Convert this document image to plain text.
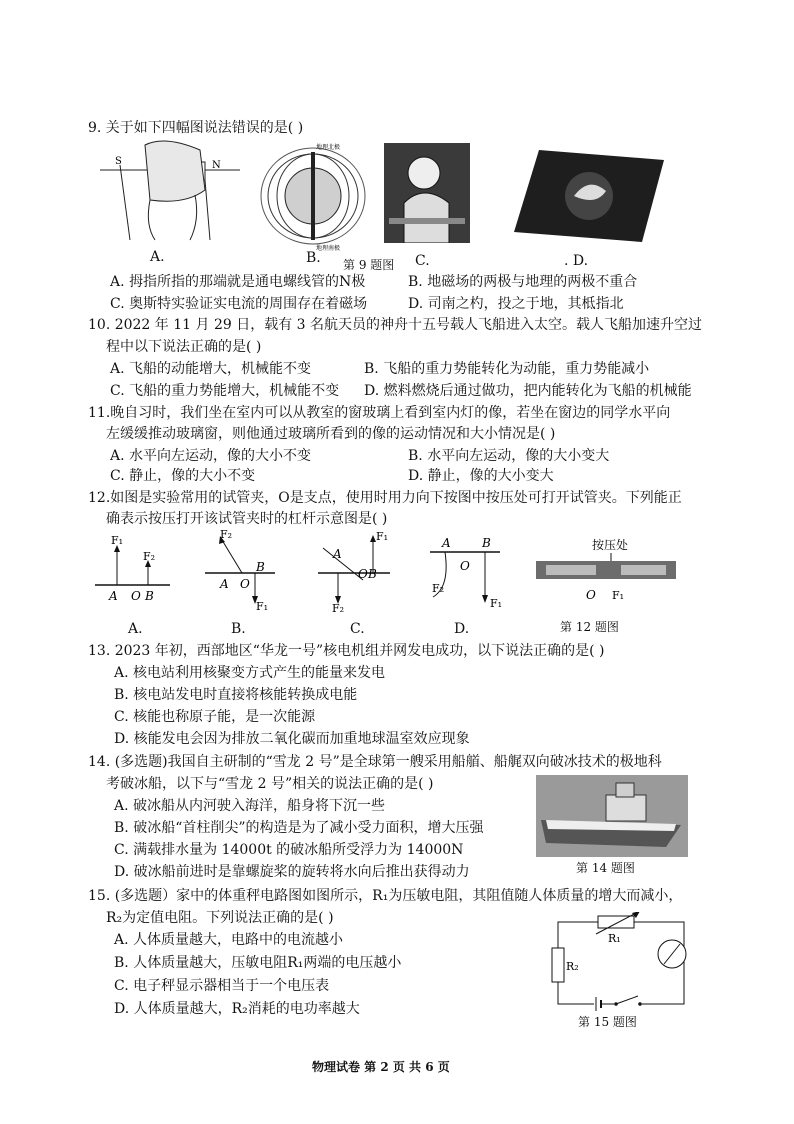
9. 关于如下四幅图说法错误的是( )
S	N
A.
地理北极
地理南极
B.	C.	. D.
第 9 题图
A. 拇指所指的那端就是通电螺线管的N极	B. 地磁场的两极与地理的两极不重合
C. 奥斯特实验证实电流的周围存在着磁场	D. 司南之杓，投之于地，其柢指北
10. 2022 年 11 月 29 日，载有 3 名航天员的神舟十五号载人飞船进入太空。载人飞船加速升空过
程中以下说法正确的是( )
A. 飞船的动能增大，机械能不变	B. 飞船的重力势能转化为动能，重力势能减小
C. 飞船的重力势能增大，机械能不变 D. 燃料燃烧后通过做功，把内能转化为飞船的机械能
11.晚自习时，我们坐在室内可以从教室的窗玻璃上看到室内灯的像，若坐在窗边的同学水平向
左缓缓推动玻璃窗，则他通过玻璃所看到的像的运动情况和大小情况是( )
A. 水平向左运动，像的大小不变	B. 水平向左运动，像的大小变大
C. 静止，像的大小不变	D. 静止，像的大小变大
12.如图是实验常用的试管夹，O是支点，使用时用力向下按图中按压处可打开试管夹。下列能正
确表示按压打开该试管夹时的杠杆示意图是( )
F₁
F₂
A O B
A.
F₂
A O
B
F₁
B.
A
O B
F₁
F₂
C.
A
O
B
F₂
F₁
D.
按压处
O F₁
第 12 题图
13. 2023 年初，西部地区“华龙一号”核电机组并网发电成功，以下说法正确的是( )
A. 核电站利用核聚变方式产生的能量来发电
B. 核电站发电时直接将核能转换成电能
C. 核能也称原子能，是一次能源
D. 核能发电会因为排放二氧化碳而加重地球温室效应现象
14. (多选题)我国自主研制的“雪龙 2 号”是全球第一艘采用船艏、船艉双向破冰技术的极地科
考破冰船，以下与“雪龙 2 号”相关的说法正确的是( )
A. 破冰船从内河驶入海洋，船身将下沉一些
B. 破冰船“首柱削尖”的构造是为了减小受力面积，增大压强
C. 满载排水量为 14000t 的破冰船所受浮力为 14000N
D. 破冰船前进时是靠螺旋桨的旋转将水向后推出获得动力	第 14 题图
15. (多选题）家中的体重秤电路图如图所示，R₁为压敏电阻，其阻值随人体质量的增大而减小，
R₂为定值电阻。下列说法正确的是( )
A. 人体质量越大，电路中的电流越小
B. 人体质量越大，压敏电阻R₁两端的电压越小
C. 电子秤显示器相当于一个电压表
D. 人体质量越大，R₂消耗的电功率越大
R₁
R₂
第 15 题图
物理试卷 第 2 页 共 6 页
